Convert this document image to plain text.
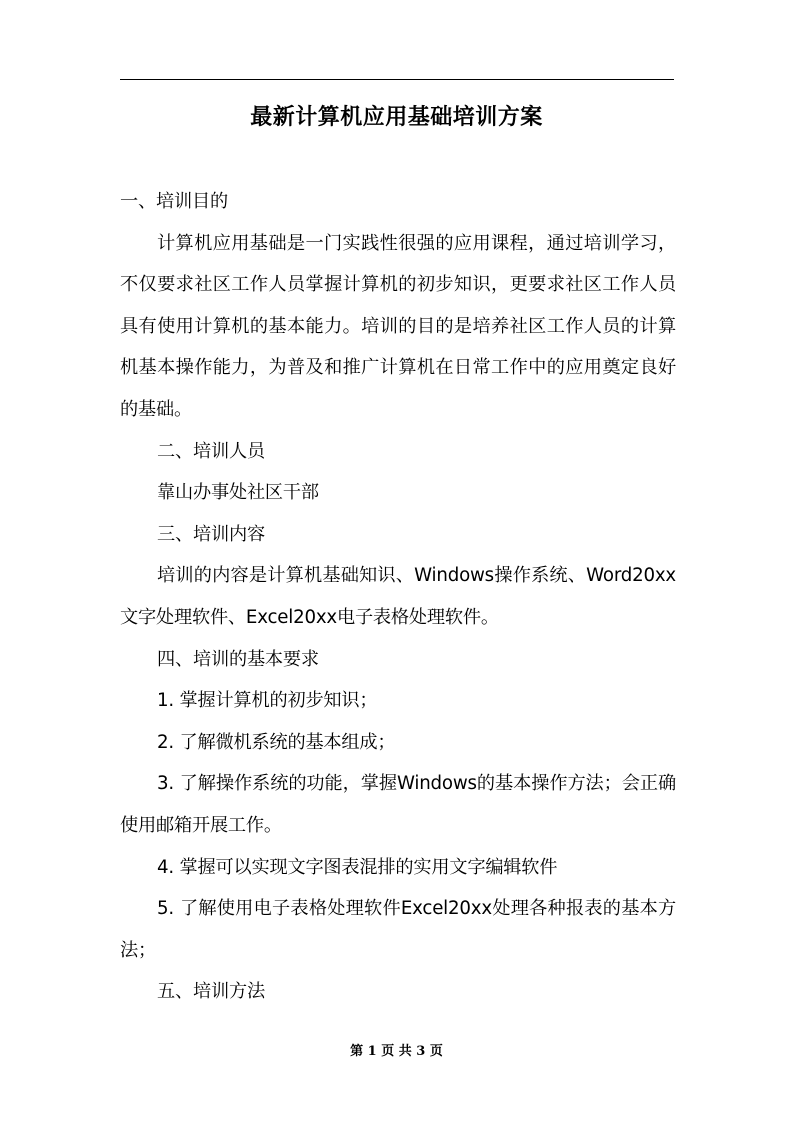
最新计算机应用基础培训方案

一、培训目的

计算机应用基础是一门实践性很强的应用课程，通过培训学习，不仅要求社区工作人员掌握计算机的初步知识，更要求社区工作人员具有使用计算机的基本能力。培训的目的是培养社区工作人员的计算机基本操作能力，为普及和推广计算机在日常工作中的应用奠定良好的基础。

二、培训人员

靠山办事处社区干部

三、培训内容

培训的内容是计算机基础知识、Windows操作系统、Word20xx文字处理软件、Excel20xx电子表格处理软件。

四、培训的基本要求

1. 掌握计算机的初步知识；

2. 了解微机系统的基本组成；

3. 了解操作系统的功能，掌握Windows的基本操作方法；会正确使用邮箱开展工作。

4. 掌握可以实现文字图表混排的实用文字编辑软件

5. 了解使用电子表格处理软件Excel20xx处理各种报表的基本方法；

五、培训方法

第 1 页 共 3 页
